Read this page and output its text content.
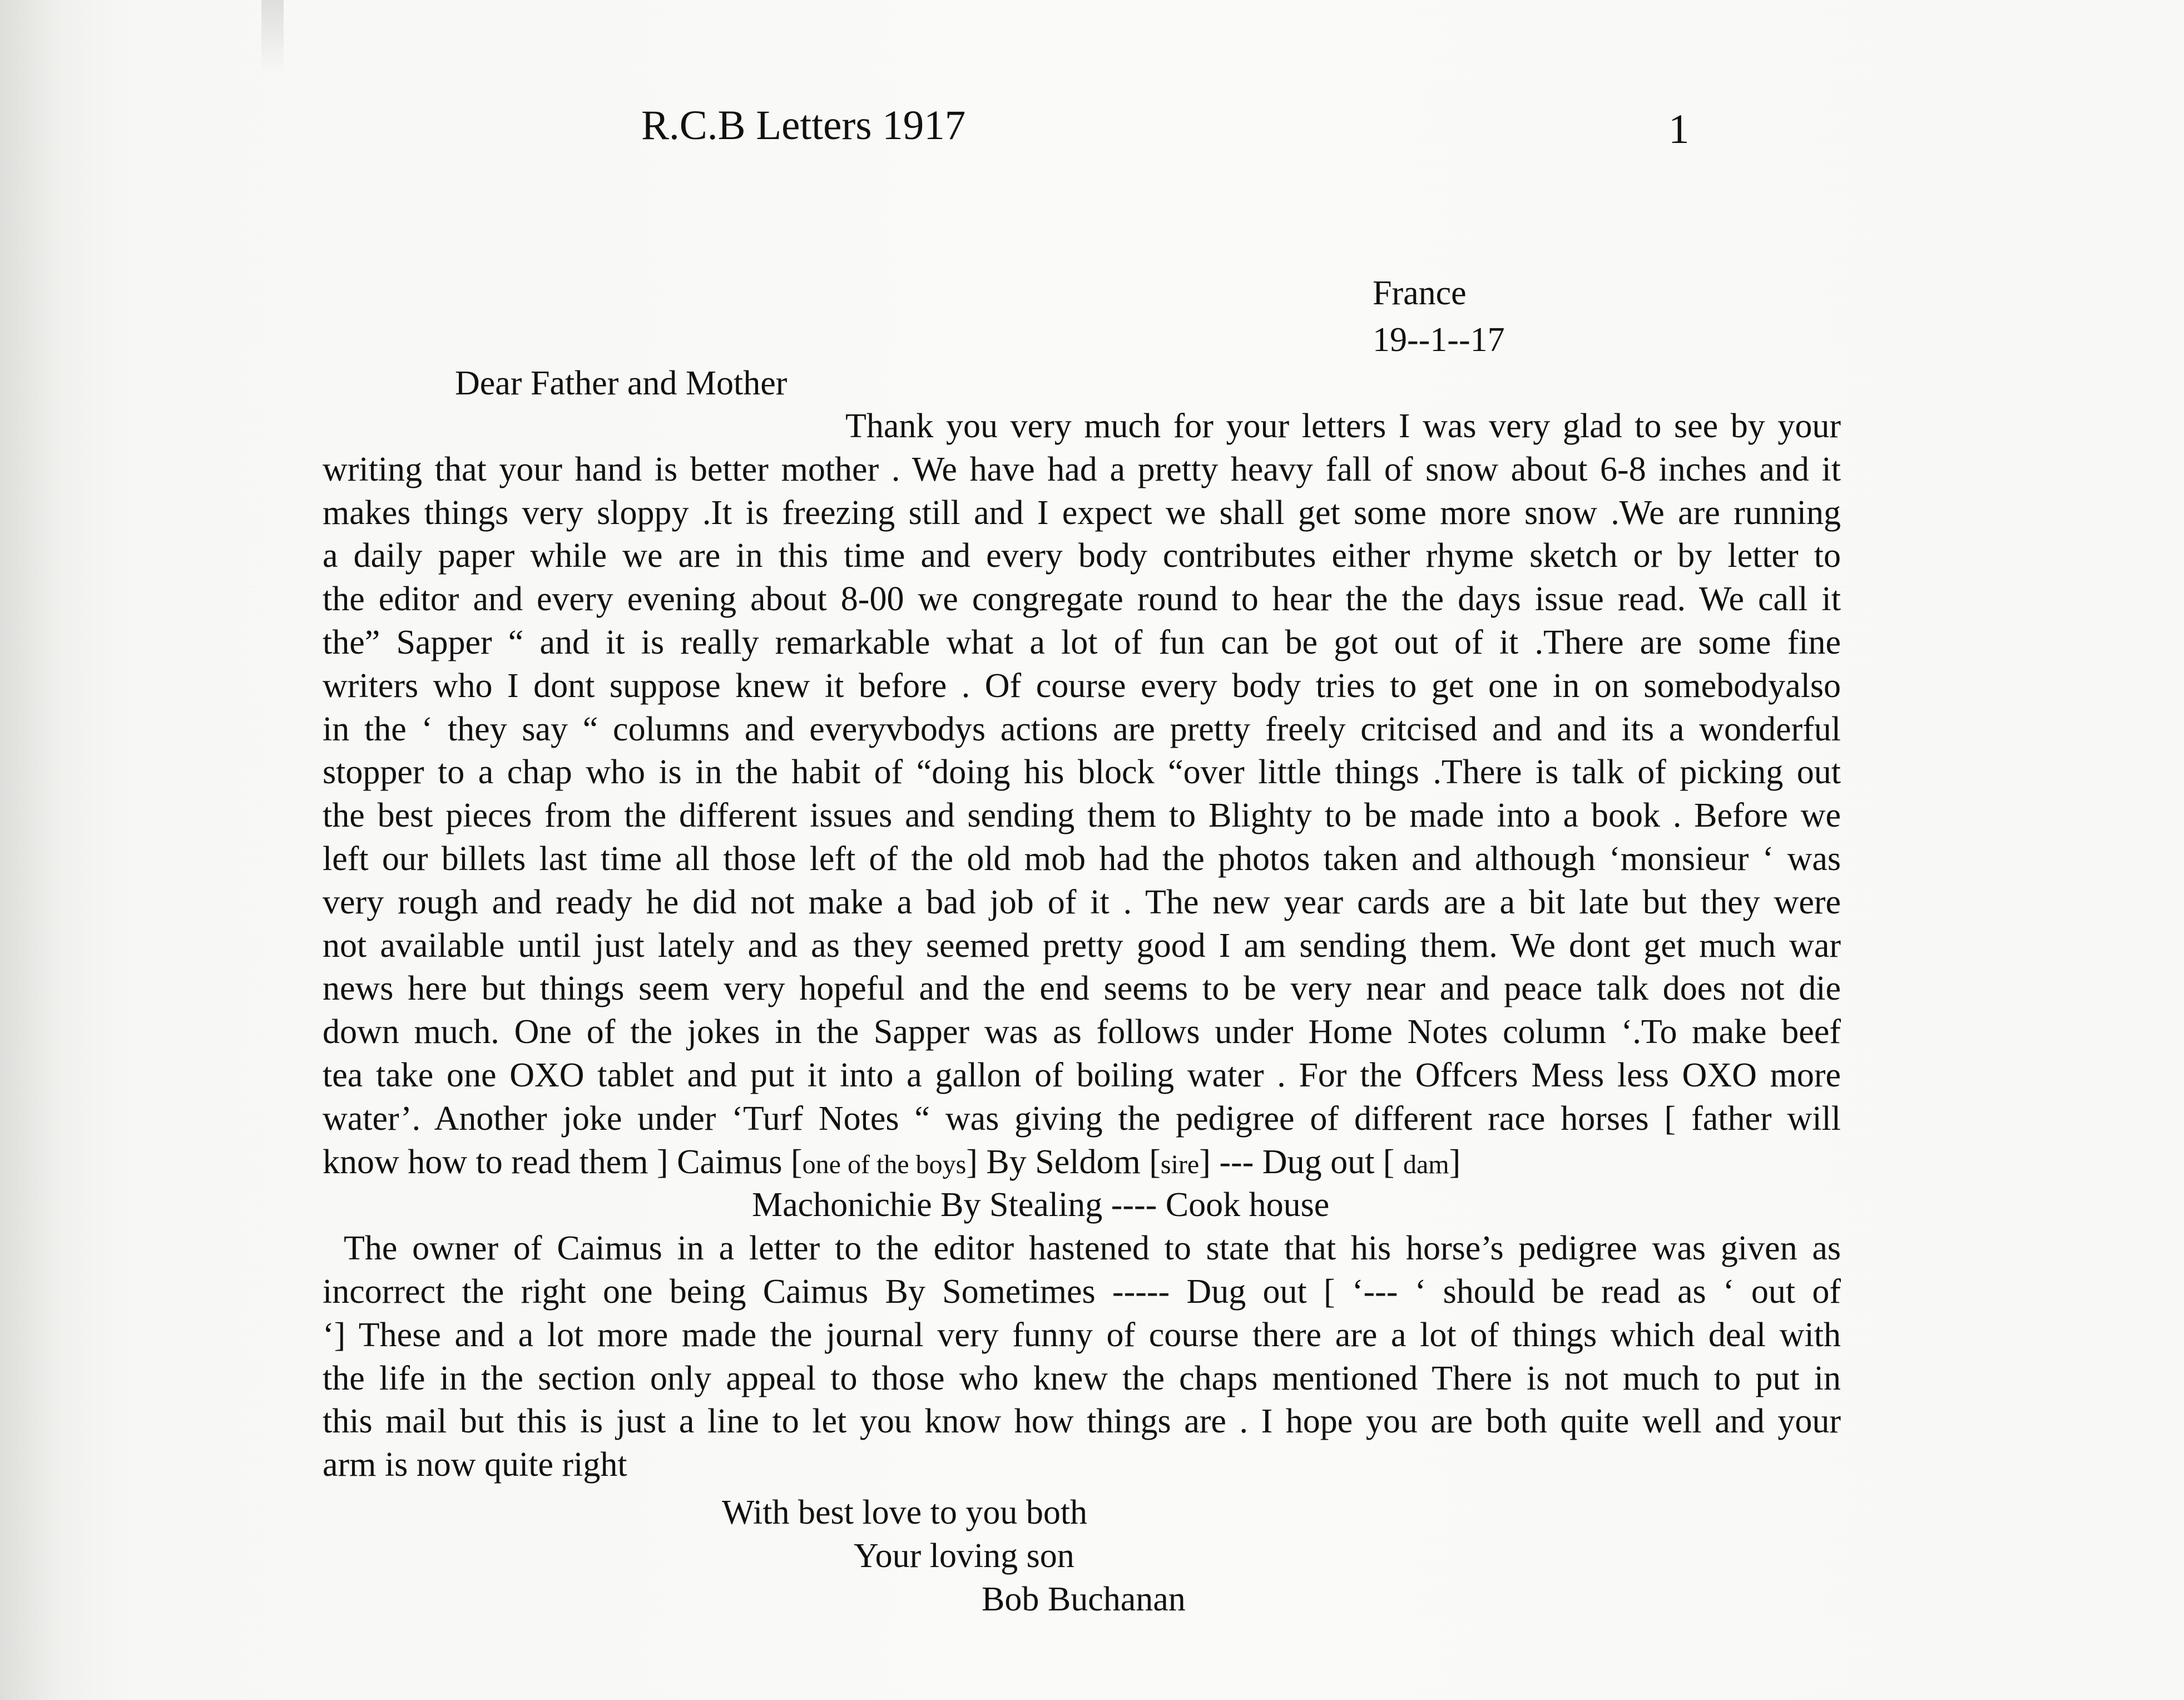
R.C.B Letters 1917	1
France
19--1--17
Dear Father and Mother
Thank you very much for your letters I was very glad to see by your
writing that your hand is better mother . We have had a pretty heavy fall of snow about 6-8 inches and it
makes things very sloppy .It is freezing still and I expect we shall get some more snow .We are running
a daily paper while we are in this time and every body contributes either rhyme sketch or by letter to
the editor and every evening about 8-00 we congregate round to hear the the days issue read. We call it
the” Sapper “ and it is really remarkable what a lot of fun can be got out of it .There are some fine
writers who I dont suppose knew it before . Of course every body tries to get one in on somebodyalso
in the ‘ they say “ columns and everyvbodys actions are pretty freely critcised and and its a wonderful
stopper to a chap who is in the habit of “doing his block “over little things .There is talk of picking out
the best pieces from the different issues and sending them to Blighty to be made into a book . Before we
left our billets last time all those left of the old mob had the photos taken and although ‘monsieur ‘ was
very rough and ready he did not make a bad job of it . The new year cards are a bit late but they were
not available until just lately and as they seemed pretty good I am sending them. We dont get much war
news here but things seem very hopeful and the end seems to be very near and peace talk does not die
down much. One of the jokes in the Sapper was as follows under Home Notes column ‘.To make beef
tea take one OXO tablet and put it into a gallon of boiling water . For the Offcers Mess less OXO more
water’. Another joke under ‘Turf Notes “ was giving the pedigree of different race horses [ father will
know how to read them ] Caimus [one of the boys] By Seldom [sire] --- Dug out [ dam]
Machonichie By Stealing ---- Cook house
The owner of Caimus in a letter to the editor hastened to state that his horse’s pedigree was given as
incorrect the right one being Caimus By Sometimes ----- Dug out [ ‘--- ‘ should be read as ‘ out of
‘] These and a lot more made the journal very funny of course there are a lot of things which deal with
the life in the section only appeal to those who knew the chaps mentioned There is not much to put in
this mail but this is just a line to let you know how things are . I hope you are both quite well and your
arm is now quite right
With best love to you both
Your loving son
Bob Buchanan
